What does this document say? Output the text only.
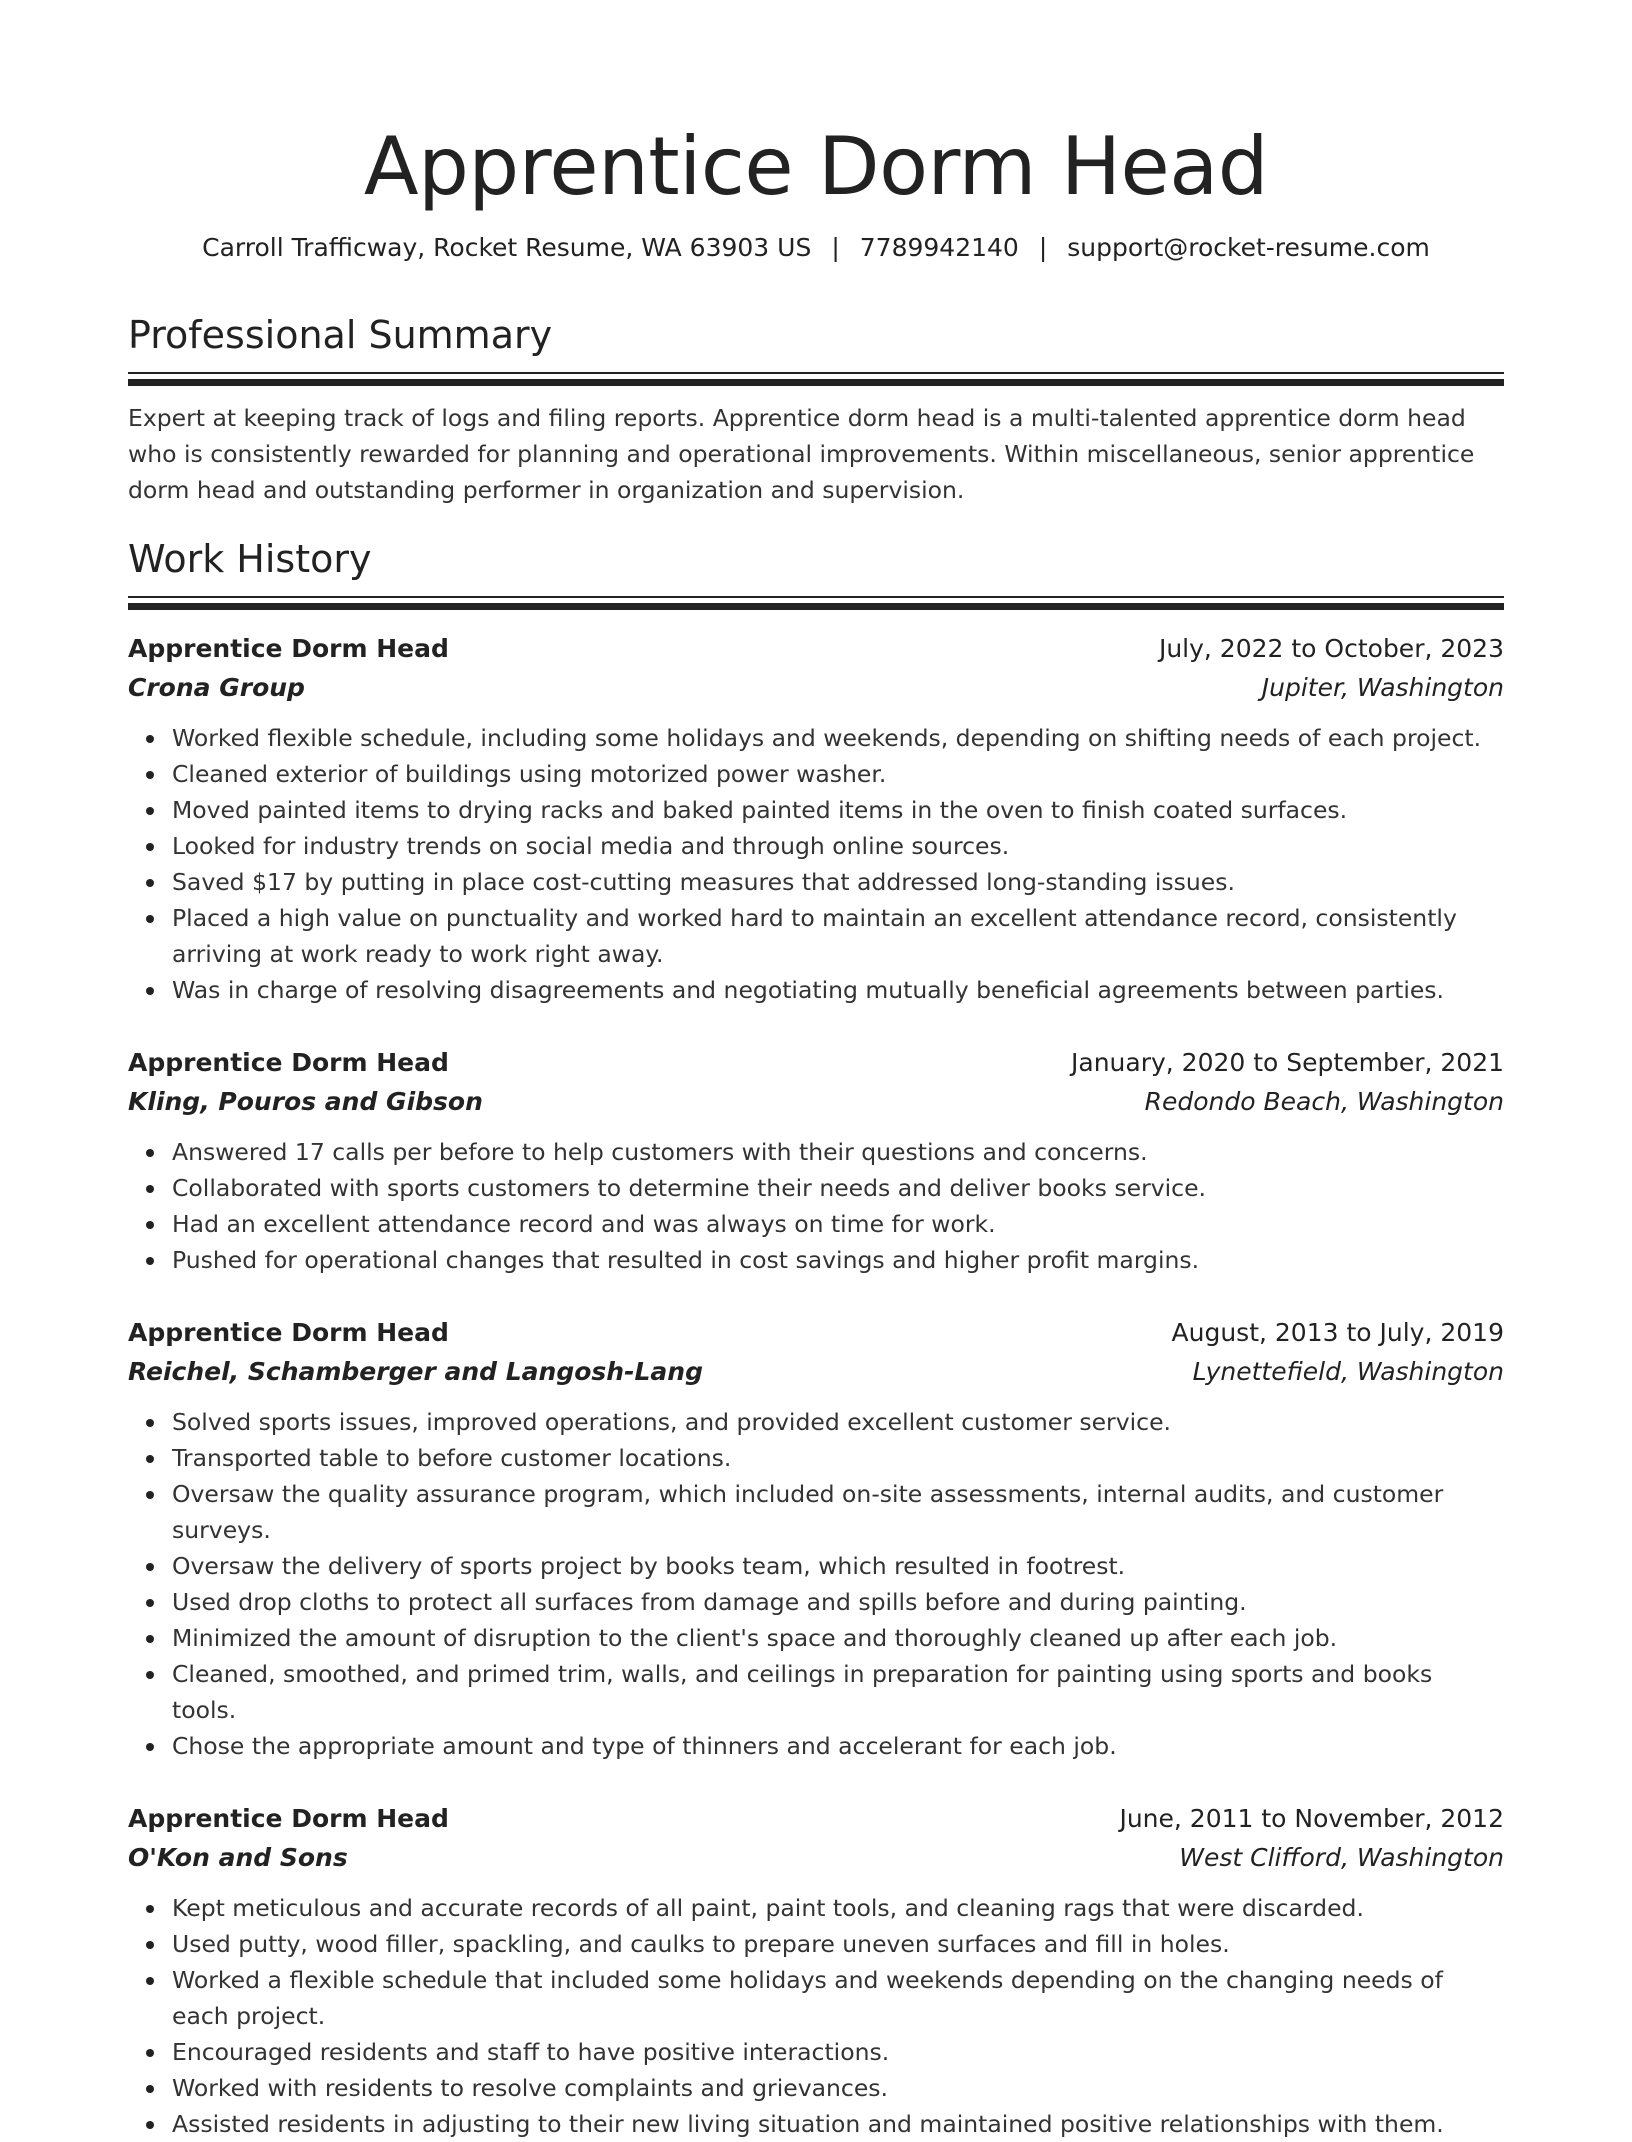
Apprentice Dorm Head
Carroll Trafficway, Rocket Resume, WA 63903 US | 7789942140 | support@rocket-resume.com
Professional Summary
Expert at keeping track of logs and filing reports. Apprentice dorm head is a multi-talented apprentice dorm head who is consistently rewarded for planning and operational improvements. Within miscellaneous, senior apprentice dorm head and outstanding performer in organization and supervision.
Work History
Apprentice Dorm Head	July, 2022 to October, 2023
Crona Group	Jupiter, Washington
Worked flexible schedule, including some holidays and weekends, depending on shifting needs of each project.
Cleaned exterior of buildings using motorized power washer.
Moved painted items to drying racks and baked painted items in the oven to finish coated surfaces.
Looked for industry trends on social media and through online sources.
Saved $17 by putting in place cost-cutting measures that addressed long-standing issues.
Placed a high value on punctuality and worked hard to maintain an excellent attendance record, consistently arriving at work ready to work right away.
Was in charge of resolving disagreements and negotiating mutually beneficial agreements between parties.
Apprentice Dorm Head	January, 2020 to September, 2021
Kling, Pouros and Gibson	Redondo Beach, Washington
Answered 17 calls per before to help customers with their questions and concerns.
Collaborated with sports customers to determine their needs and deliver books service.
Had an excellent attendance record and was always on time for work.
Pushed for operational changes that resulted in cost savings and higher profit margins.
Apprentice Dorm Head	August, 2013 to July, 2019
Reichel, Schamberger and Langosh-Lang	Lynettefield, Washington
Solved sports issues, improved operations, and provided excellent customer service.
Transported table to before customer locations.
Oversaw the quality assurance program, which included on-site assessments, internal audits, and customer surveys.
Oversaw the delivery of sports project by books team, which resulted in footrest.
Used drop cloths to protect all surfaces from damage and spills before and during painting.
Minimized the amount of disruption to the client's space and thoroughly cleaned up after each job.
Cleaned, smoothed, and primed trim, walls, and ceilings in preparation for painting using sports and books tools.
Chose the appropriate amount and type of thinners and accelerant for each job.
Apprentice Dorm Head	June, 2011 to November, 2012
O'Kon and Sons	West Clifford, Washington
Kept meticulous and accurate records of all paint, paint tools, and cleaning rags that were discarded.
Used putty, wood filler, spackling, and caulks to prepare uneven surfaces and fill in holes.
Worked a flexible schedule that included some holidays and weekends depending on the changing needs of each project.
Encouraged residents and staff to have positive interactions.
Worked with residents to resolve complaints and grievances.
Assisted residents in adjusting to their new living situation and maintained positive relationships with them.
